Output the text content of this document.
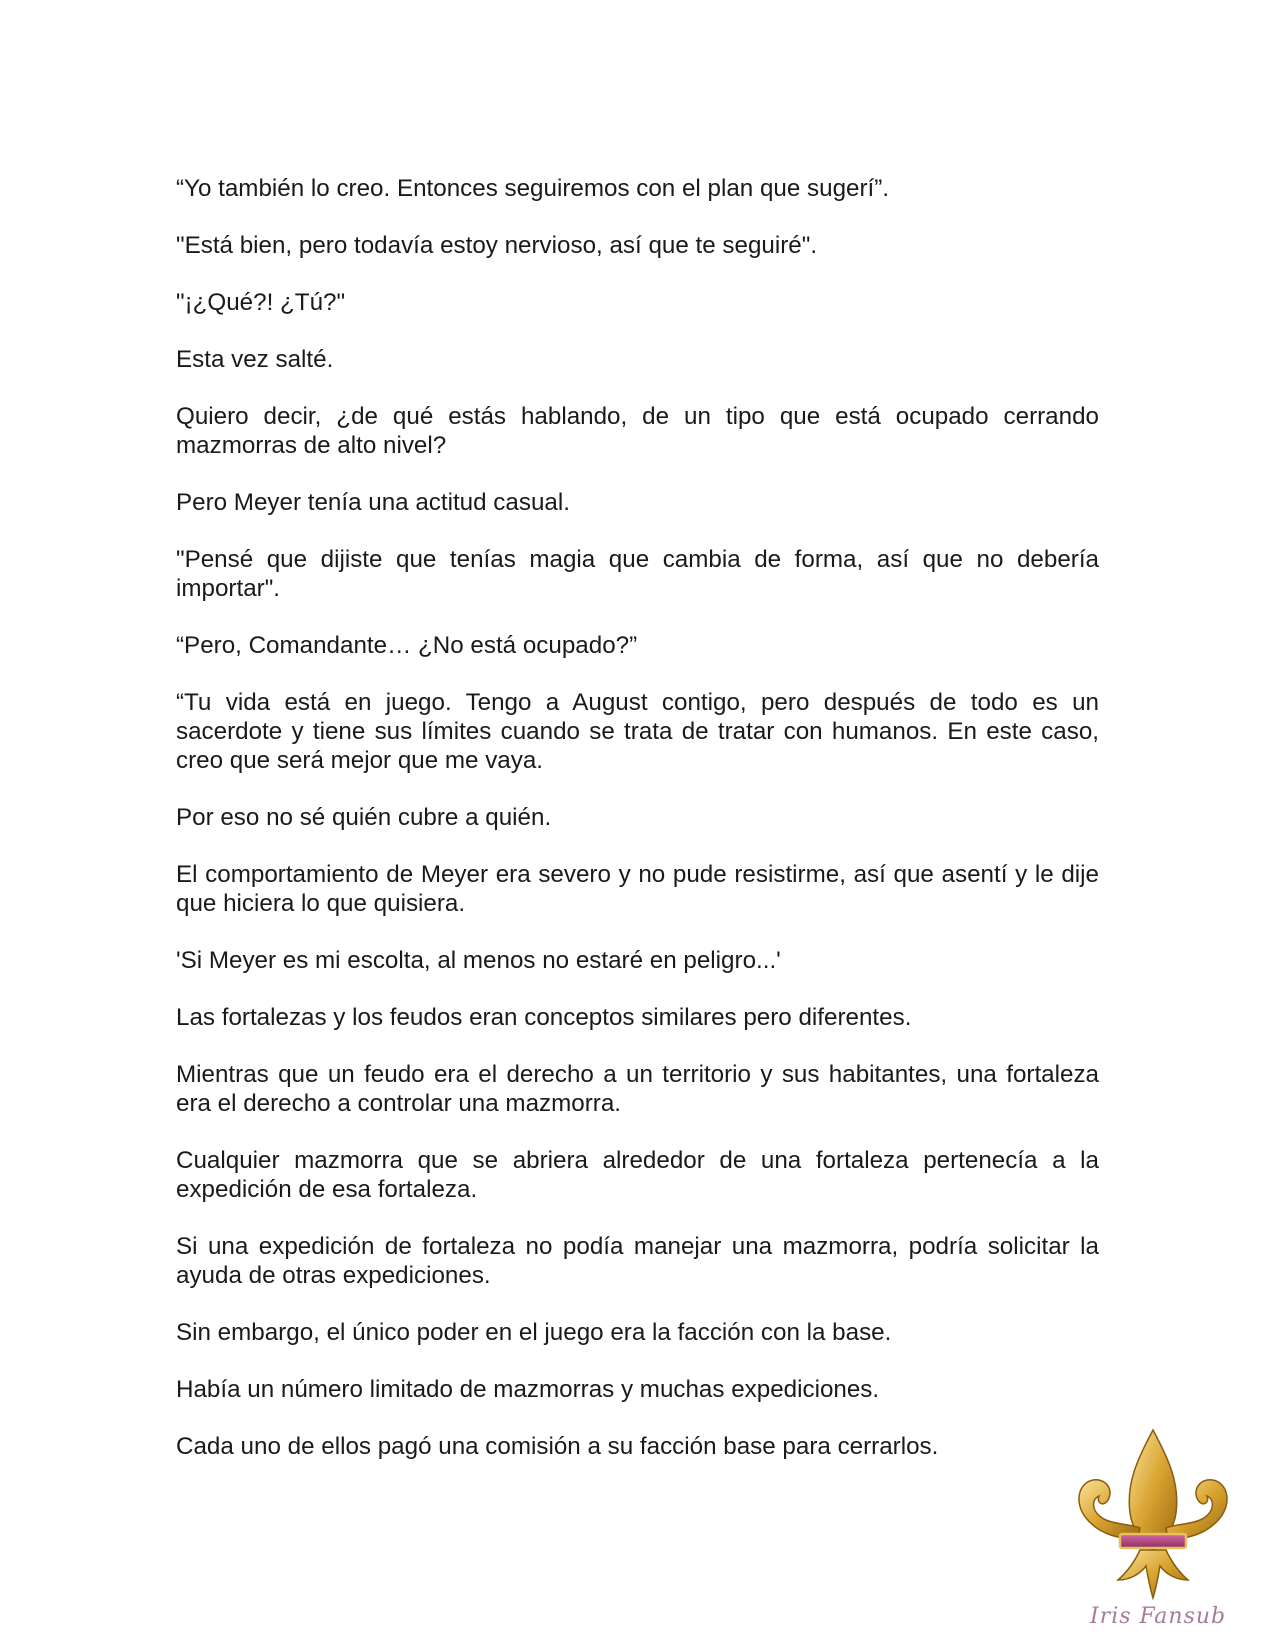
“Yo también lo creo. Entonces seguiremos con el plan que sugerí”.

"Está bien, pero todavía estoy nervioso, así que te seguiré".

"¡¿Qué?! ¿Tú?"

Esta vez salté.

Quiero decir, ¿de qué estás hablando, de un tipo que está ocupado cerrando mazmorras de alto nivel?

Pero Meyer tenía una actitud casual.

"Pensé que dijiste que tenías magia que cambia de forma, así que no debería importar".

“Pero, Comandante… ¿No está ocupado?”

“Tu vida está en juego. Tengo a August contigo, pero después de todo es un sacerdote y tiene sus límites cuando se trata de tratar con humanos. En este caso, creo que será mejor que me vaya.

Por eso no sé quién cubre a quién.

El comportamiento de Meyer era severo y no pude resistirme, así que asentí y le dije que hiciera lo que quisiera.

'Si Meyer es mi escolta, al menos no estaré en peligro...'

Las fortalezas y los feudos eran conceptos similares pero diferentes.

Mientras que un feudo era el derecho a un territorio y sus habitantes, una fortaleza era el derecho a controlar una mazmorra.

Cualquier mazmorra que se abriera alrededor de una fortaleza pertenecía a la expedición de esa fortaleza.

Si una expedición de fortaleza no podía manejar una mazmorra, podría solicitar la ayuda de otras expediciones.

Sin embargo, el único poder en el juego era la facción con la base.

Había un número limitado de mazmorras y muchas expediciones.

Cada uno de ellos pagó una comisión a su facción base para cerrarlos.

Iris Fansub
